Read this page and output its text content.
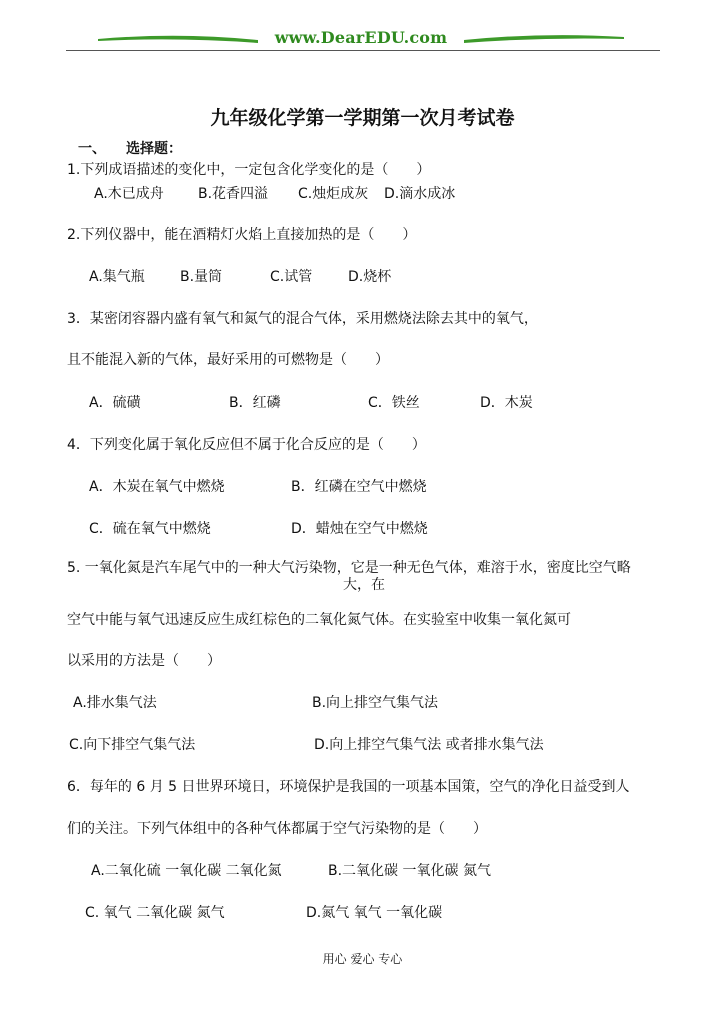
www.DearEDU.com
九年级化学第一学期第一次月考试卷
一、 选择题：
1.下列成语描述的变化中，一定包含化学变化的是（　　）
A.木已成舟 B.花香四溢 C.烛炬成灰 D.滴水成冰
2.下列仪器中，能在酒精灯火焰上直接加热的是（　　）
A.集气瓶	B.量筒	C.试管	D.烧杯
3．某密闭容器内盛有氧气和氮气的混合气体，采用燃烧法除去其中的氧气，
且不能混入新的气体，最好采用的可燃物是（　　）
A．硫磺	B．红磷	C．铁丝	D．木炭
4．下列变化属于氧化反应但不属于化合反应的是（　　）
A．木炭在氧气中燃烧	B．红磷在空气中燃烧
C．硫在氧气中燃烧	D．蜡烛在空气中燃烧
5. 一氧化氮是汽车尾气中的一种大气污染物，它是一种无色气体，难溶于水，密度比空气略
大，在
空气中能与氧气迅速反应生成红棕色的二氧化氮气体。在实验室中收集一氧化氮可
以采用的方法是（　　）
A.排水集气法	B.向上排空气集气法
C.向下排空气集气法	D.向上排空气集气法 或者排水集气法
6．每年的 6 月 5 日世界环境日，环境保护是我国的一项基本国策，空气的净化日益受到人
们的关注。下列气体组中的各种气体都属于空气污染物的是（　　）
A.二氧化硫 一氧化碳 二氧化氮	B.二氧化碳 一氧化碳 氮气
C. 氧气 二氧化碳 氮气	D.氮气 氧气 一氧化碳
用心 爱心 专心
